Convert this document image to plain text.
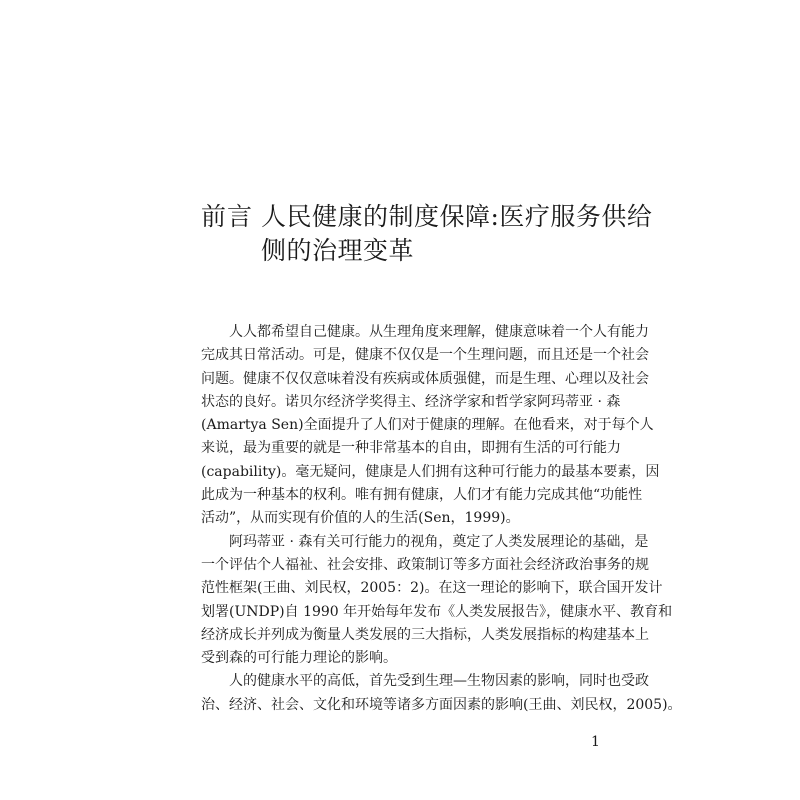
前言 人民健康的制度保障:医疗服务供给
侧的治理变革

人人都希望自己健康。从生理角度来理解，健康意味着一个人有能力
完成其日常活动。可是，健康不仅仅是一个生理问题，而且还是一个社会
问题。健康不仅仅意味着没有疾病或体质强健，而是生理、心理以及社会
状态的良好。诺贝尔经济学奖得主、经济学家和哲学家阿玛蒂亚 · 森
(Amartya Sen)全面提升了人们对于健康的理解。在他看来，对于每个人
来说，最为重要的就是一种非常基本的自由，即拥有生活的可行能力
(capability)。毫无疑问，健康是人们拥有这种可行能力的最基本要素，因
此成为一种基本的权利。唯有拥有健康，人们才有能力完成其他“功能性
活动”，从而实现有价值的人的生活(Sen，1999)。

阿玛蒂亚 · 森有关可行能力的视角，奠定了人类发展理论的基础，是
一个评估个人福祉、社会安排、政策制订等多方面社会经济政治事务的规
范性框架(王曲、刘民权，2005：2)。在这一理论的影响下，联合国开发计
划署(UNDP)自 1990 年开始每年发布《人类发展报告》，健康水平、教育和
经济成长并列成为衡量人类发展的三大指标，人类发展指标的构建基本上
受到森的可行能力理论的影响。

人的健康水平的高低，首先受到生理—生物因素的影响，同时也受政
治、经济、社会、文化和环境等诸多方面因素的影响(王曲、刘民权，2005)。

1
